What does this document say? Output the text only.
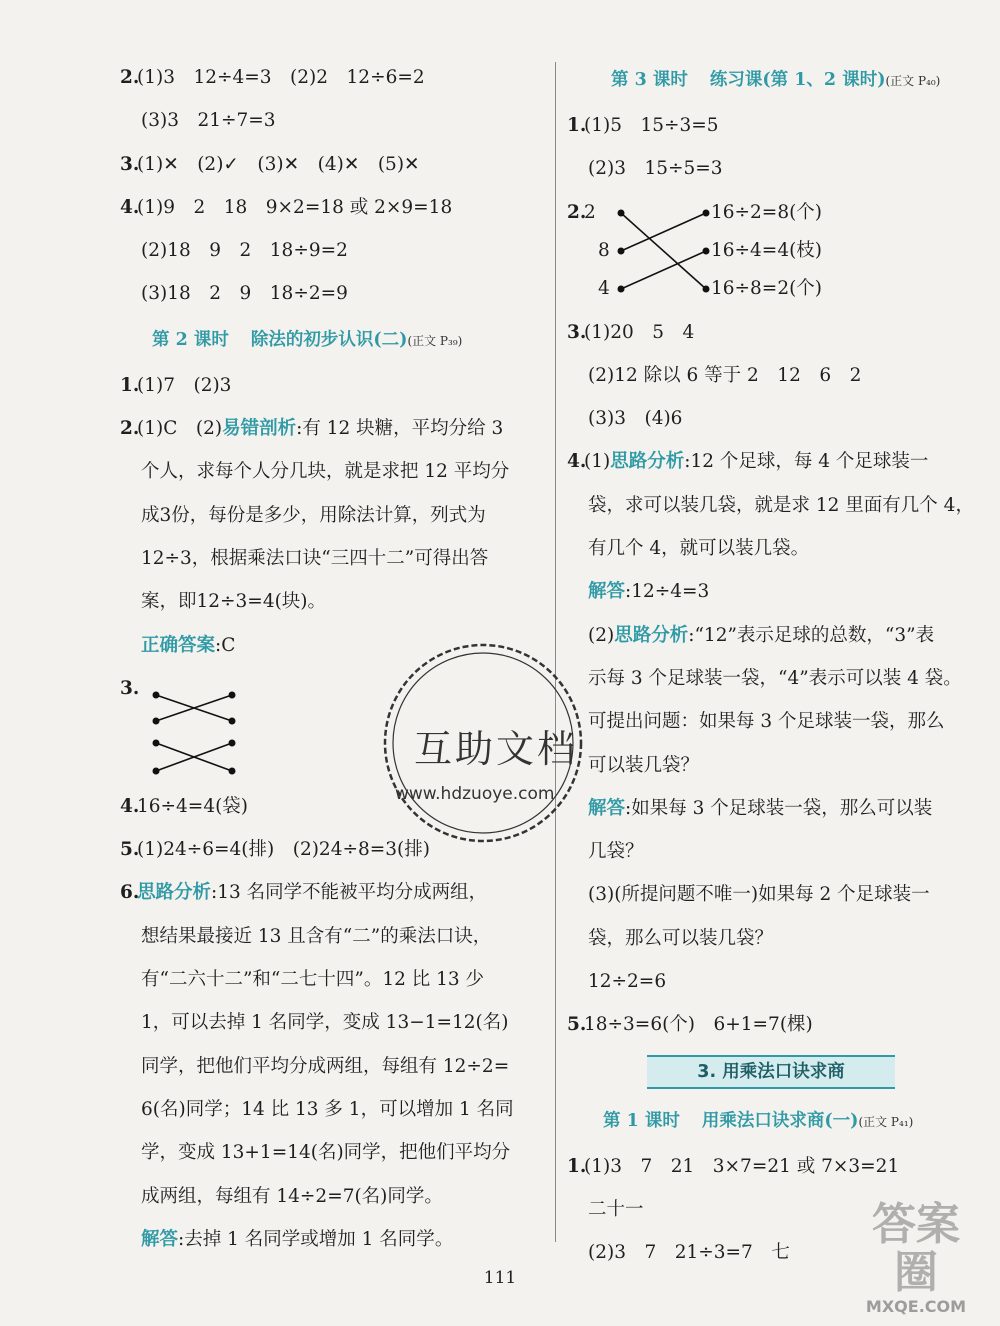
2.(1)3　12÷4=3　(2)2　12÷6=2
(3)3　21÷7=3
3.(1)✕　(2)✓　(3)✕　(4)✕　(5)✕
4.(1)9　2　18　9×2=18 或 2×9=18
(2)18　9　2　18÷9=2
(3)18　2　9　18÷2=9
第 2 课时 除法的初步认识(二)(正文 P₃₉)
1.(1)7　(2)3
2.(1)C　(2)易错剖析:有 12 块糖，平均分给 3
个人，求每个人分几块，就是求把 12 平均分
成3份，每份是多少，用除法计算，列式为
12÷3，根据乘法口诀“三四十二”可得出答
案，即12÷3=4(块)。
正确答案:C
3.
4.16÷4=4(袋)
5.(1)24÷6=4(排)　(2)24÷8=3(排)
6.思路分析:13 名同学不能被平均分成两组，
想结果最接近 13 且含有“二”的乘法口诀，
有“二六十二”和“二七十四”。12 比 13 少
1，可以去掉 1 名同学，变成 13−1=12(名)
同学，把他们平均分成两组，每组有 12÷2=
6(名)同学；14 比 13 多 1，可以增加 1 名同
学，变成 13+1=14(名)同学，把他们平均分
成两组，每组有 14÷2=7(名)同学。
解答:去掉 1 名同学或增加 1 名同学。
第 3 课时 练习课(第 1、2 课时)(正文 P₄₀)
1.(1)5　15÷3=5
(2)3　15÷5=3
2.2
8
4
16÷2=8(个)
16÷4=4(枝)
16÷8=2(个)
3.(1)20　5　4
(2)12 除以 6 等于 2　12　6　2
(3)3　(4)6
4.(1)思路分析:12 个足球，每 4 个足球装一
袋，求可以装几袋，就是求 12 里面有几个 4，
有几个 4，就可以装几袋。
解答:12÷4=3
(2)思路分析:“12”表示足球的总数，“3”表
示每 3 个足球装一袋，“4”表示可以装 4 袋。
可提出问题：如果每 3 个足球装一袋，那么
可以装几袋？
解答:如果每 3 个足球装一袋，那么可以装
几袋？
(3)(所提问题不唯一)如果每 2 个足球装一
袋，那么可以装几袋？
12÷2=6
5.18÷3=6(个)　6+1=7(棵)
3. 用乘法口诀求商
第 1 课时 用乘法口诀求商(一)(正文 P₄₁)
1.(1)3　7　21　3×7=21 或 7×3=21
二十一
(2)3　7　21÷3=7　七
互助文档
www.hdzuoye.com
111
答案圈
MXQE.COM
